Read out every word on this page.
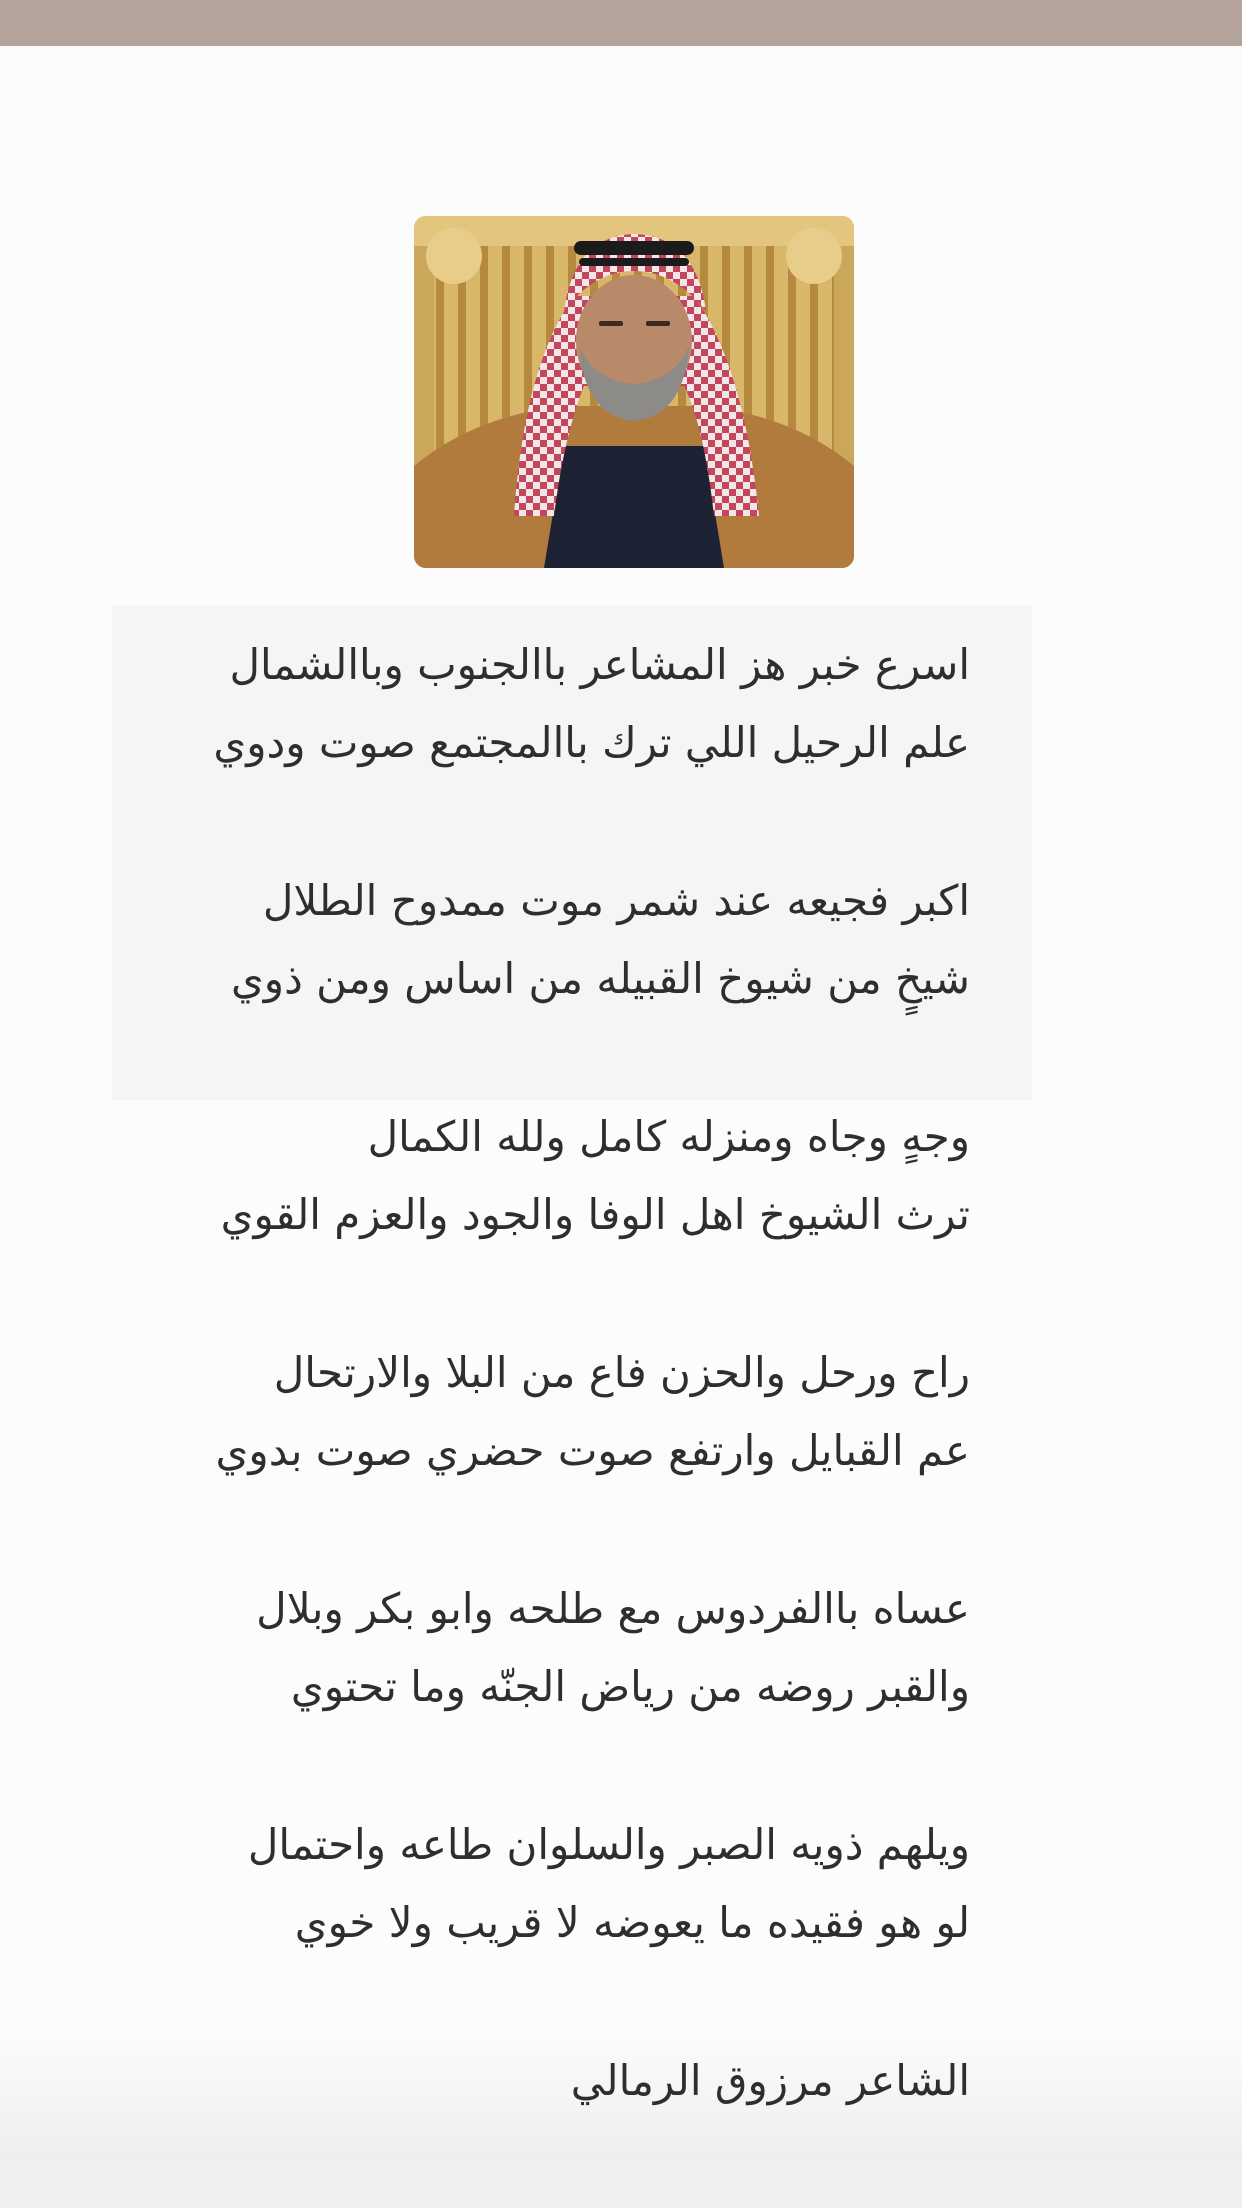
اسرع خبر هز المشاعر باالجنوب وباالشمال
علم الرحيل اللي ترك باالمجتمع صوت ودوي
اكبر فجيعه عند شمر موت ممدوح الطلال
شيخٍ من شيوخ القبيله من اساس ومن ذوي
وجهٍ وجاه ومنزله كامل ولله الكمال
ترث الشيوخ اهل الوفا والجود والعزم القوي
راح ورحل والحزن فاع من البلا والارتحال
عم القبايل وارتفع صوت حضري صوت بدوي
عساه باالفردوس مع طلحه وابو بكر وبلال
والقبر روضه من رياض الجنّه وما تحتوي
ويلهم ذويه الصبر والسلوان طاعه واحتمال
لو هو فقيده ما يعوضه لا قريب ولا خوي
الشاعر مرزوق الرمالي
